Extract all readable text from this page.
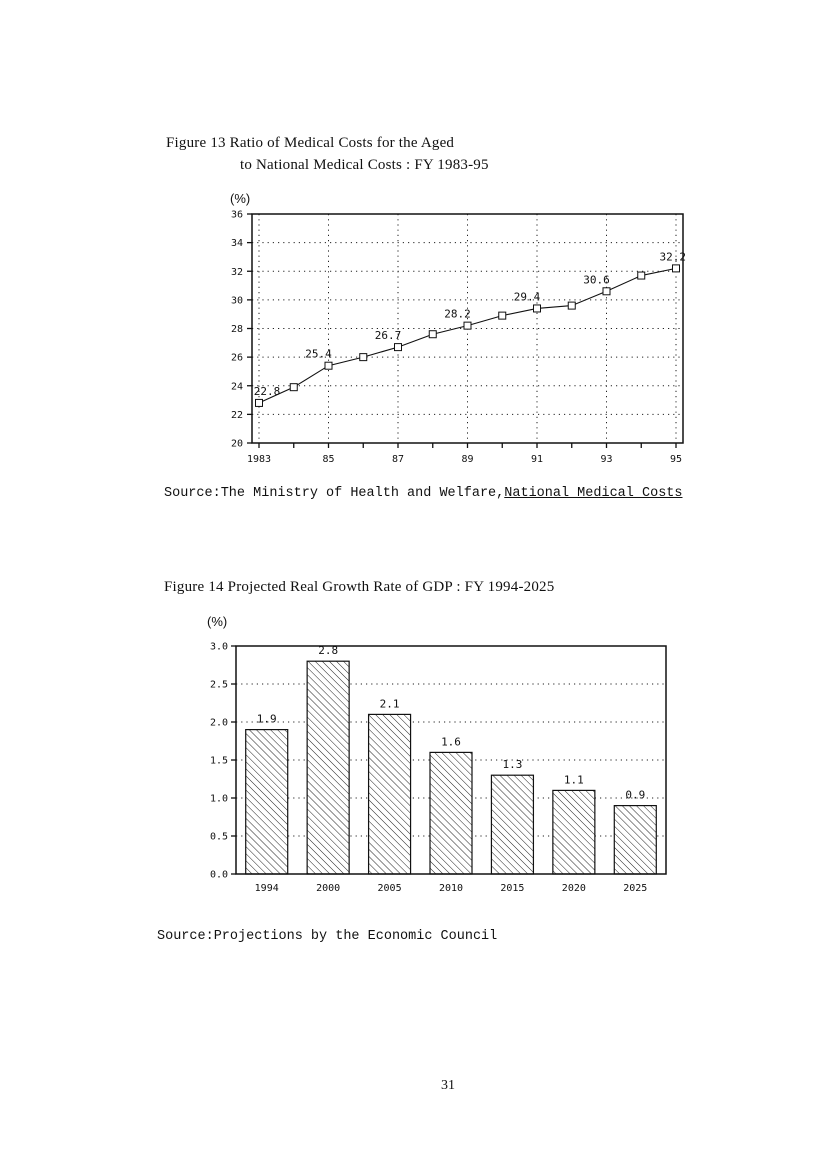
Figure 13 Ratio of Medical Costs for the Aged
to National Medical Costs : FY 1983-95
(%)
20
22
24
26
28
30
32
34
36
1983	85	87	89	91	93	95
22.8
25.4
26.7
28.2
29.4
30.6
32.2
Source:The Ministry of Health and Welfare,National Medical Costs
Figure 14 Projected Real Growth Rate of GDP : FY 1994-2025
(%)
0.0
0.5
1.0
1.5
2.0
2.5
3.0
1994	2000	2005	2010	2015	2020	2025
1.9
2.8
2.1
1.6
1.3
1.1
0.9
Source:Projections by the Economic Council
31
